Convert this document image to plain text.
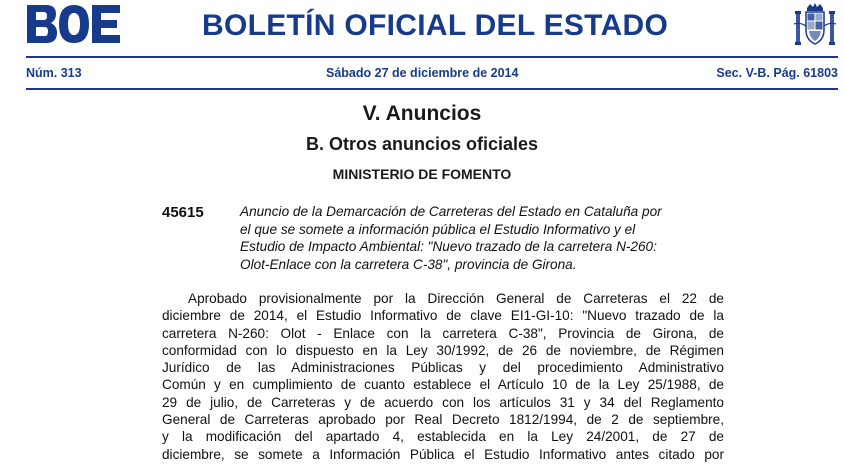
BOLETÍN OFICIAL DEL ESTADO
Núm. 313	Sábado 27 de diciembre de 2014	Sec. V-B. Pág. 61803
V. Anuncios
B. Otros anuncios oficiales
MINISTERIO DE FOMENTO
45615	Anuncio de la Demarcación de Carreteras del Estado en Cataluña por
el que se somete a información pública el Estudio Informativo y el
Estudio de Impacto Ambiental: "Nuevo trazado de la carretera N-260:
Olot-Enlace con la carretera C-38", provincia de Girona.
Aprobado provisionalmente por la Dirección General de Carreteras el 22 de
diciembre de 2014, el Estudio Informativo de clave EI1-GI-10: "Nuevo trazado de la
carretera N-260: Olot - Enlace con la carretera C-38", Provincia de Girona, de
conformidad con lo dispuesto en la Ley 30/1992, de 26 de noviembre, de Régimen
Jurídico de las Administraciones Públicas y del procedimiento Administrativo
Común y en cumplimiento de cuanto establece el Artículo 10 de la Ley 25/1988, de
29 de julio, de Carreteras y de acuerdo con los artículos 31 y 34 del Reglamento
General de Carreteras aprobado por Real Decreto 1812/1994, de 2 de septiembre,
y la modificación del apartado 4, establecida en la Ley 24/2001, de 27 de
diciembre, se somete a Información Pública el Estudio Informativo antes citado por
